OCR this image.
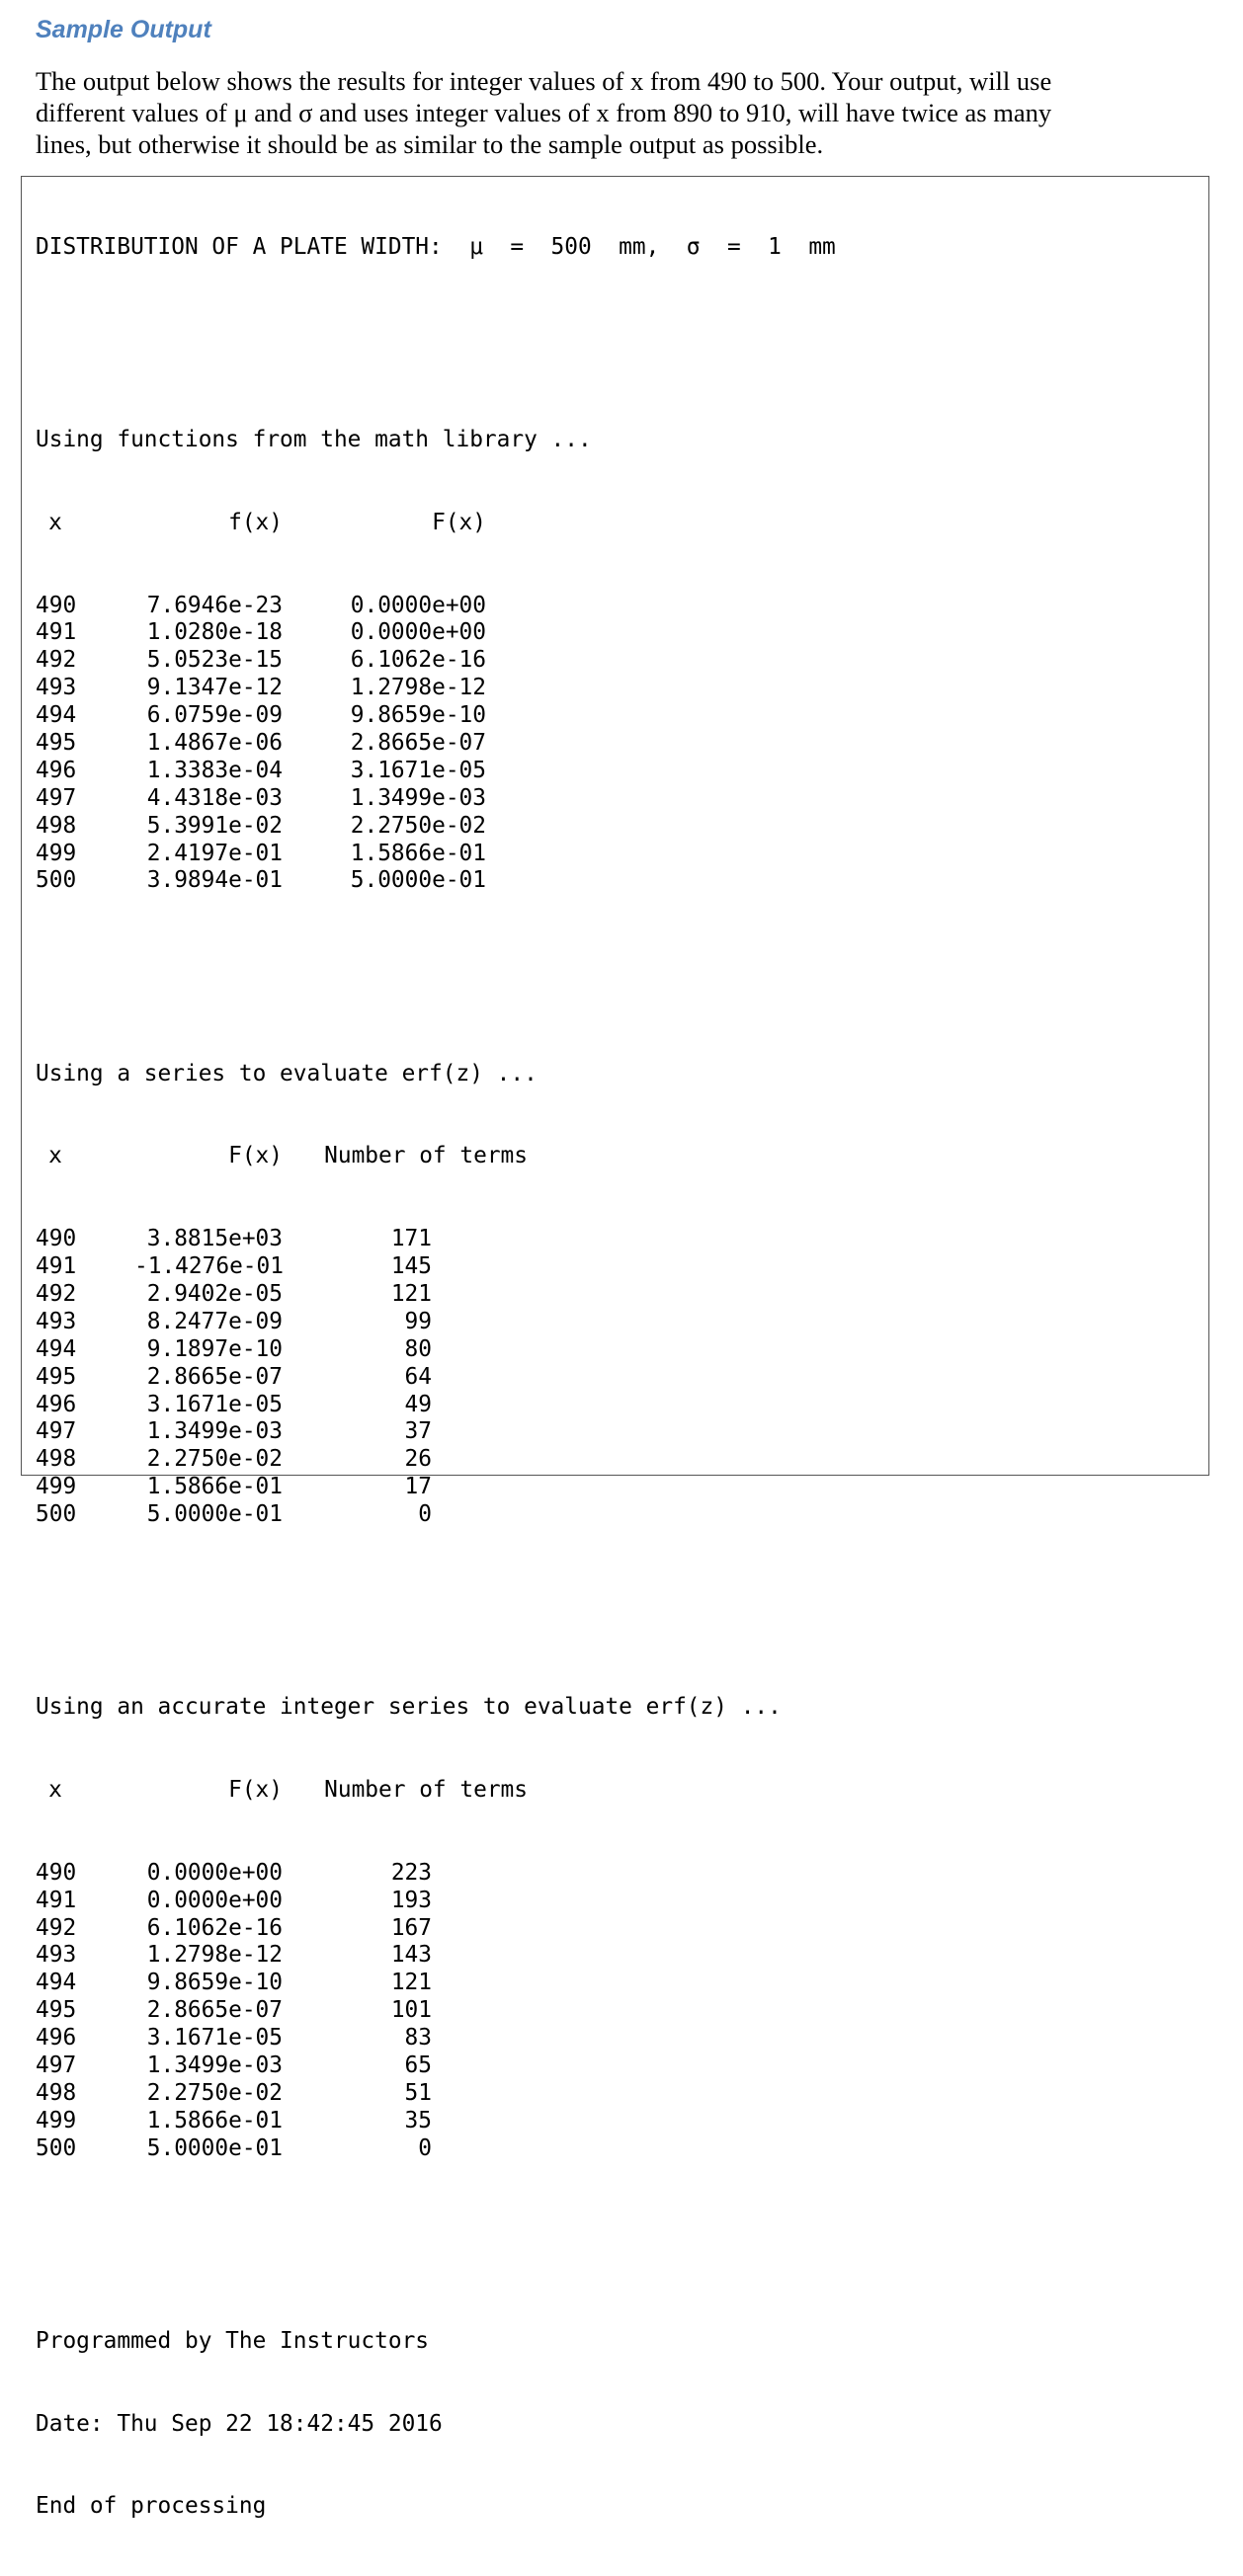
Sample Output

The output below shows the results for integer values of x from 490 to 500. Your output, will use

different values of μ and σ and uses integer values of x from 890 to 910, will have twice as many

lines, but otherwise it should be as similar to the sample output as possible.

DISTRIBUTION OF A PLATE WIDTH:  μ  =  500  mm,  σ  =  1  mm

Using functions from the math library ...

x	f(x)	F(x)

490	7.6946e-23	0.0000e+00
491	1.0280e-18	0.0000e+00
492	5.0523e-15	6.1062e-16
493	9.1347e-12	1.2798e-12
494	6.0759e-09	9.8659e-10
495	1.4867e-06	2.8665e-07
496	1.3383e-04	3.1671e-05
497	4.4318e-03	1.3499e-03
498	5.3991e-02	2.2750e-02
499	2.4197e-01	1.5866e-01
500	3.9894e-01	5.0000e-01

Using a series to evaluate erf(z) ...

x	F(x)	Number of terms

490	3.8815e+03	171
491	-1.4276e-01	145
492	2.9402e-05	121
493	8.2477e-09	99
494	9.1897e-10	80
495	2.8665e-07	64
496	3.1671e-05	49
497	1.3499e-03	37
498	2.2750e-02	26
499	1.5866e-01	17
500	5.0000e-01	0

Using an accurate integer series to evaluate erf(z) ...

x	F(x)	Number of terms

490	0.0000e+00	223
491	0.0000e+00	193
492	6.1062e-16	167
493	1.2798e-12	143
494	9.8659e-10	121
495	2.8665e-07	101
496	3.1671e-05	83
497	1.3499e-03	65
498	2.2750e-02	51
499	1.5866e-01	35
500	5.0000e-01	0

Programmed by The Instructors

Date: Thu Sep 22 18:42:45 2016

End of processing
